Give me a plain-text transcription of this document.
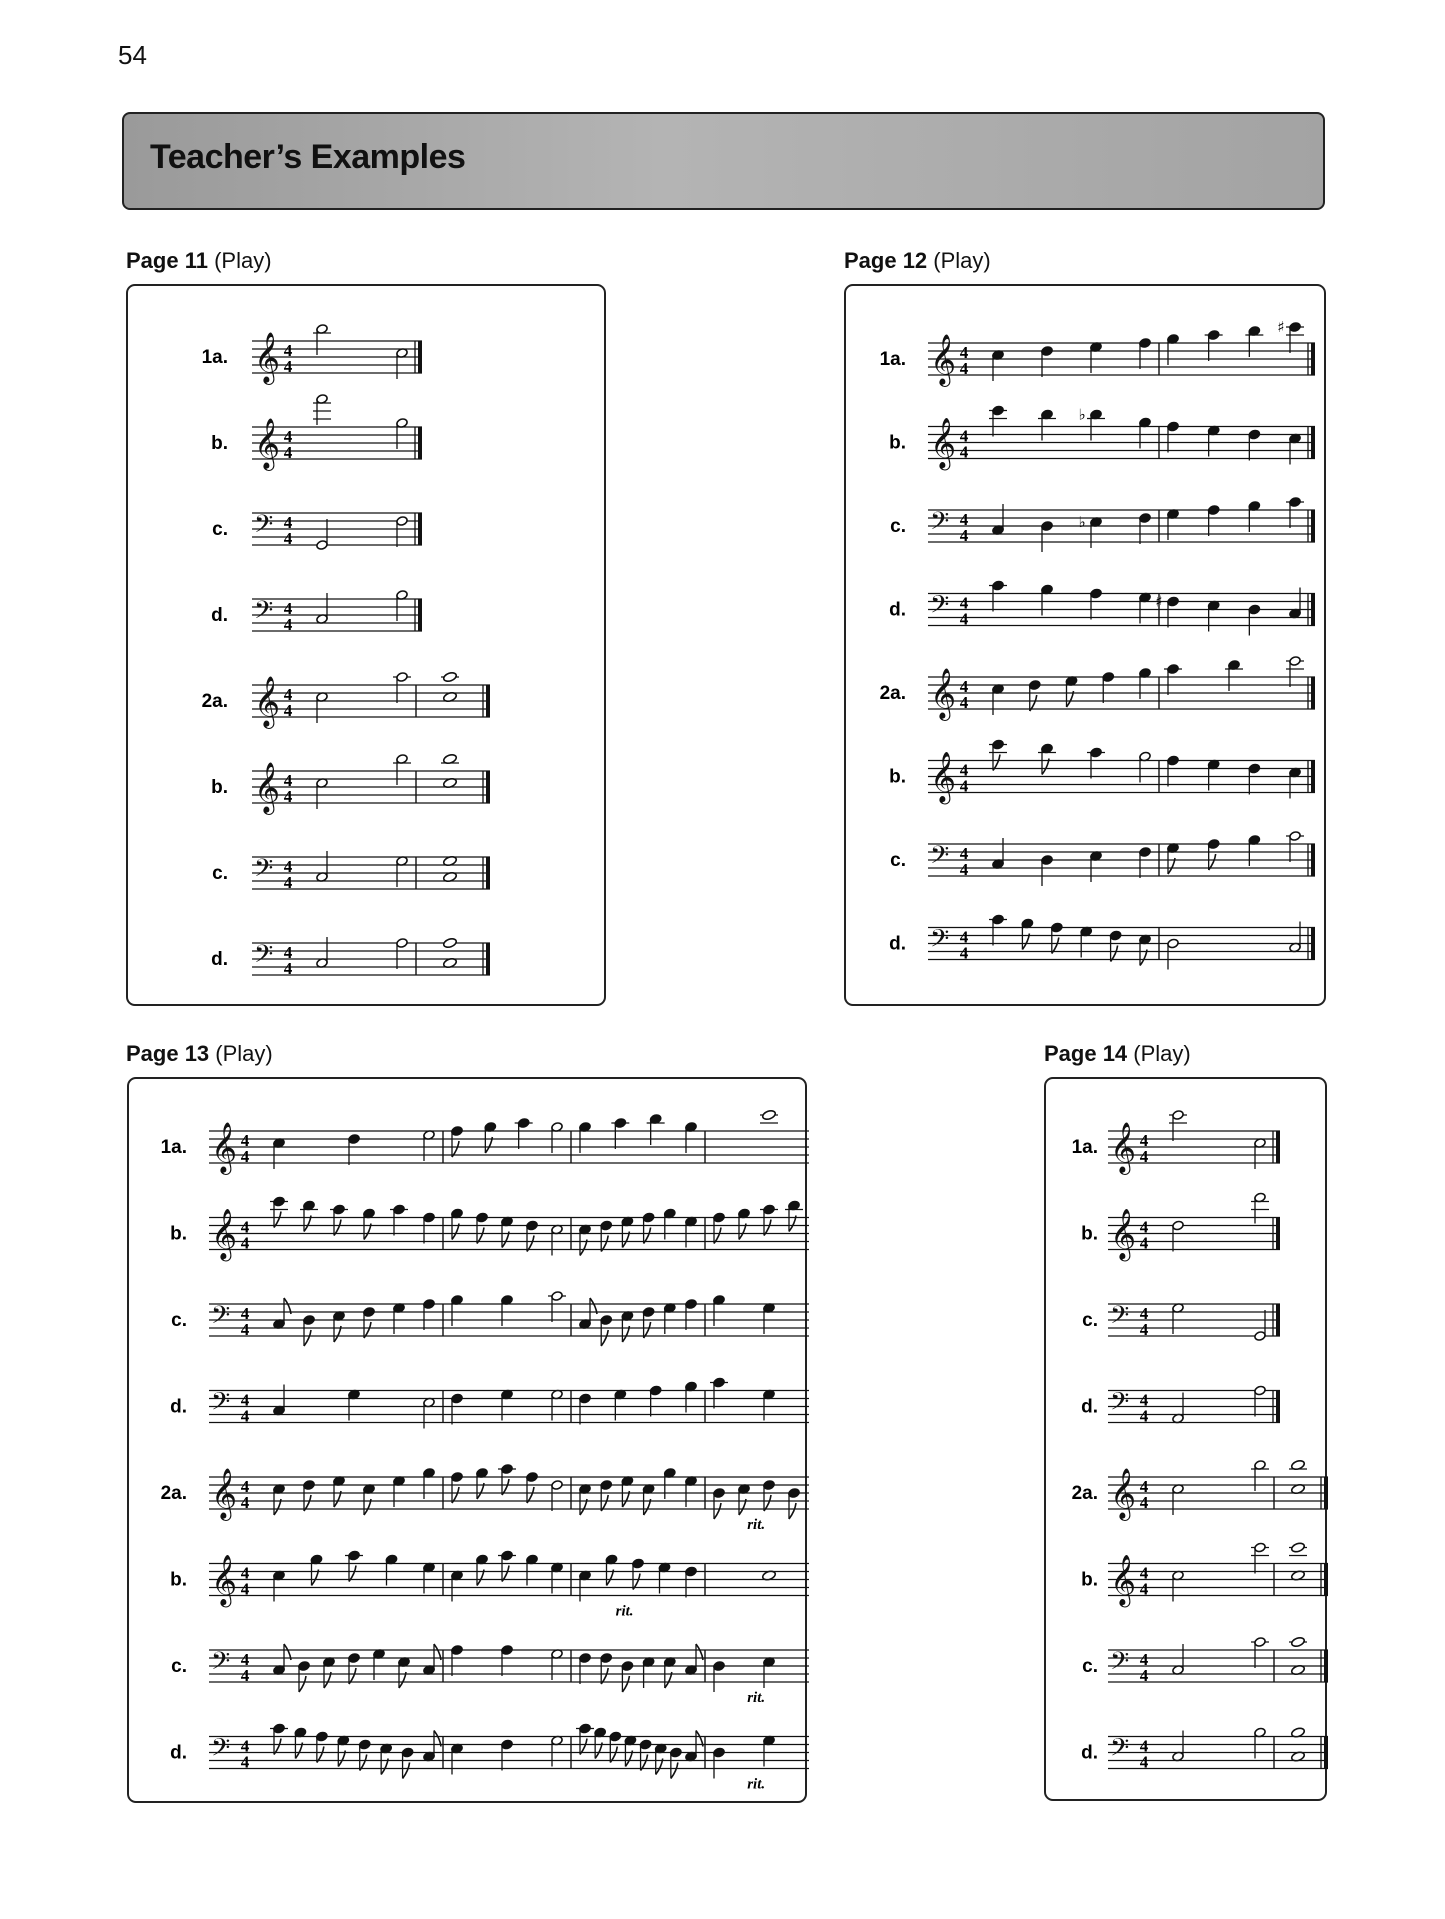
54
Teacher’s Examples
Page 11 (Play)	Page 12 (Play)
Page 13 (Play)	Page 14 (Play)
1a. 𝄞 4
4
b. 𝄞 4
4
c. 𝄢 4
4
d. 𝄢 4
4
2a. 𝄞 4
4
b. 𝄞 4
4
c. 𝄢 4
4
d. 𝄢 4
4
1a. 𝄞 4
4
♯
b. 𝄞 4
4
♭
c. 𝄢 4
4
♭
d. 𝄢 4
4
♯
2a. 𝄞 4
4
b. 𝄞 4
4
c. 𝄢 4
4
d. 𝄢 4
4
1a. 𝄞 4
4
b. 𝄞 4
4
c. 𝄢 4
4
d. 𝄢 4
4
2a. 𝄞 4
4
rit.
b. 𝄞 4
4
rit.
c. 𝄢 4
4
rit.
d. 𝄢 4
4
rit.
1a. 𝄞 4
4
b. 𝄞 4
4
c. 𝄢 4
4
d. 𝄢 4
4
2a. 𝄞 4
4
b. 𝄞 4
4
c. 𝄢 4
4
d. 𝄢 4
4
